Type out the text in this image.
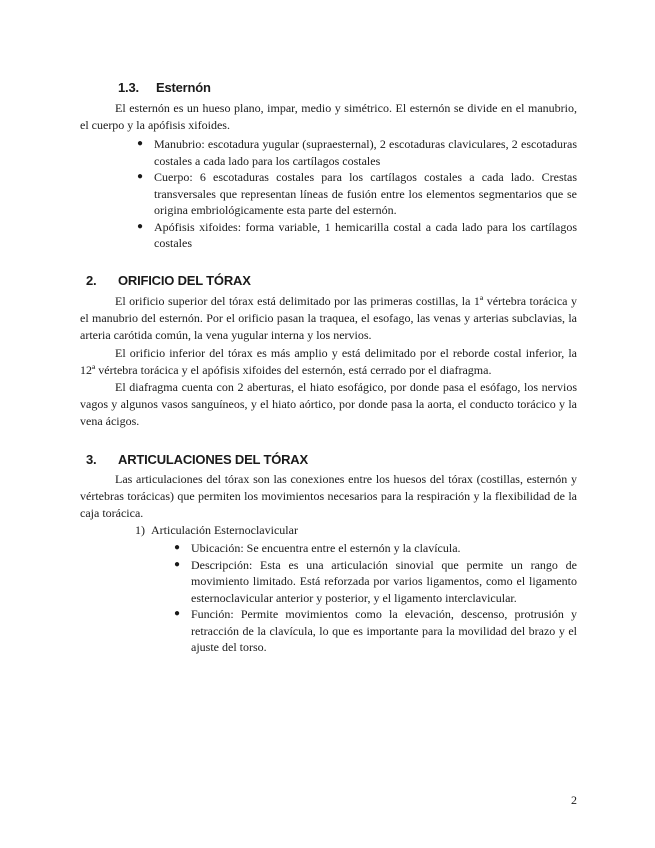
1.3. Esternón
El esternón es un hueso plano, impar, medio y simétrico. El esternón se divide en el manubrio, el cuerpo y la apófisis xifoides.
● Manubrio: escotadura yugular (supraesternal), 2 escotaduras claviculares, 2 escotaduras costales a cada lado para los cartílagos costales
● Cuerpo: 6 escotaduras costales para los cartílagos costales a cada lado. Crestas transversales que representan líneas de fusión entre los elementos segmentarios que se origina embriológicamente esta parte del esternón.
● Apófisis xifoides: forma variable, 1 hemicarilla costal a cada lado para los cartílagos costales
2. ORIFICIO DEL TÓRAX
El orificio superior del tórax está delimitado por las primeras costillas, la 1ª vértebra torácica y el manubrio del esternón. Por el orificio pasan la traquea, el esofago, las venas y arterias subclavias, la arteria carótida común, la vena yugular interna y los nervios.
El orificio inferior del tórax es más amplio y está delimitado por el reborde costal inferior, la 12ª vértebra torácica y el apófisis xifoides del esternón, está cerrado por el diafragma.
El diafragma cuenta con 2 aberturas, el hiato esofágico, por donde pasa el esófago, los nervios vagos y algunos vasos sanguíneos, y el hiato aórtico, por donde pasa la aorta, el conducto torácico y la vena ácigos.
3. ARTICULACIONES DEL TÓRAX
Las articulaciones del tórax son las conexiones entre los huesos del tórax (costillas, esternón y vértebras torácicas) que permiten los movimientos necesarios para la respiración y la flexibilidad de la caja torácica.
1) Articulación Esternoclavicular
● Ubicación: Se encuentra entre el esternón y la clavícula.
● Descripción: Esta es una articulación sinovial que permite un rango de movimiento limitado. Está reforzada por varios ligamentos, como el ligamento esternoclavicular anterior y posterior, y el ligamento interclavicular.
● Función: Permite movimientos como la elevación, descenso, protrusión y retracción de la clavícula, lo que es importante para la movilidad del brazo y el ajuste del torso.
2
